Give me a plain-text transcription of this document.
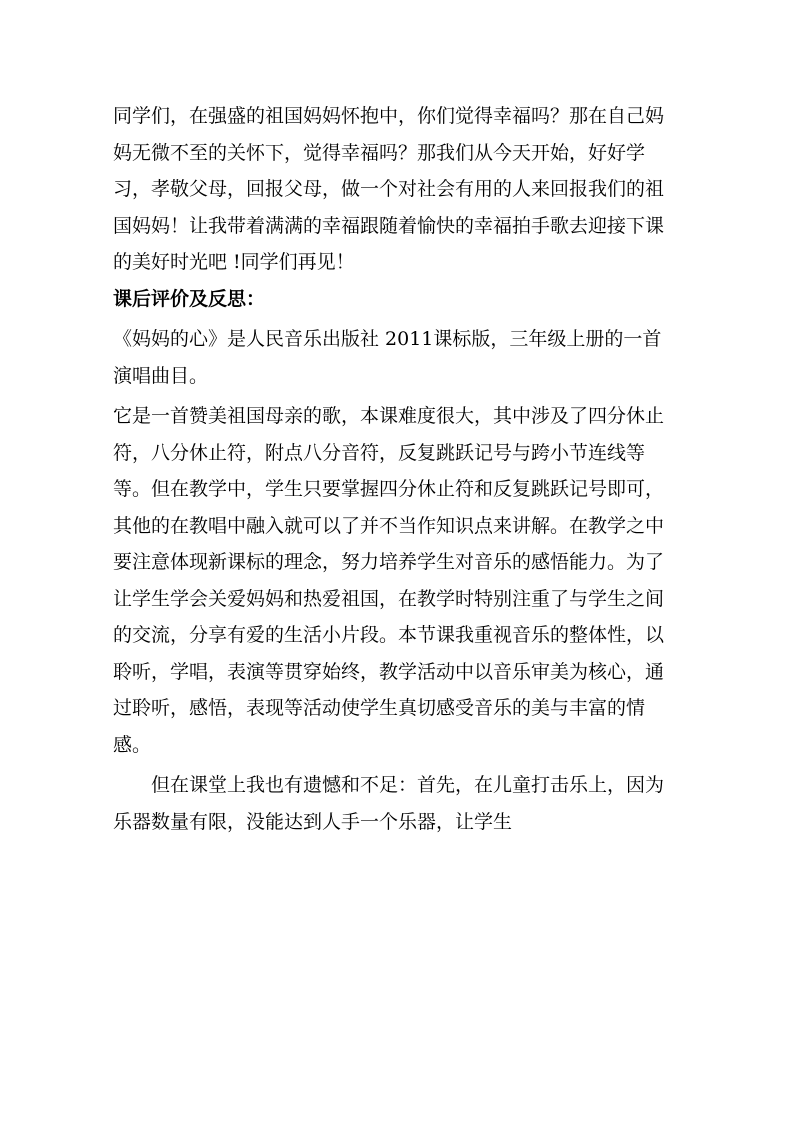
同学们，在强盛的祖国妈妈怀抱中，你们觉得幸福吗？那在自己妈妈无微不至的关怀下，觉得幸福吗？那我们从今天开始，好好学习，孝敬父母，回报父母，做一个对社会有用的人来回报我们的祖国妈妈！让我带着满满的幸福跟随着愉快的幸福拍手歌去迎接下课的美好时光吧 !同学们再见！

课后评价及反思：

《妈妈的心》是人民音乐出版社 2011课标版，三年级上册的一首演唱曲目。

它是一首赞美祖国母亲的歌，本课难度很大，其中涉及了四分休止符，八分休止符，附点八分音符，反复跳跃记号与跨小节连线等等。但在教学中，学生只要掌握四分休止符和反复跳跃记号即可，其他的在教唱中融入就可以了并不当作知识点来讲解。在教学之中要注意体现新课标的理念，努力培养学生对音乐的感悟能力。为了让学生学会关爱妈妈和热爱祖国，在教学时特别注重了与学生之间的交流，分享有爱的生活小片段。本节课我重视音乐的整体性，以聆听，学唱，表演等贯穿始终，教学活动中以音乐审美为核心，通过聆听，感悟，表现等活动使学生真切感受音乐的美与丰富的情感。

但在课堂上我也有遗憾和不足：首先，在儿童打击乐上，因为乐器数量有限，没能达到人手一个乐器，让学生
